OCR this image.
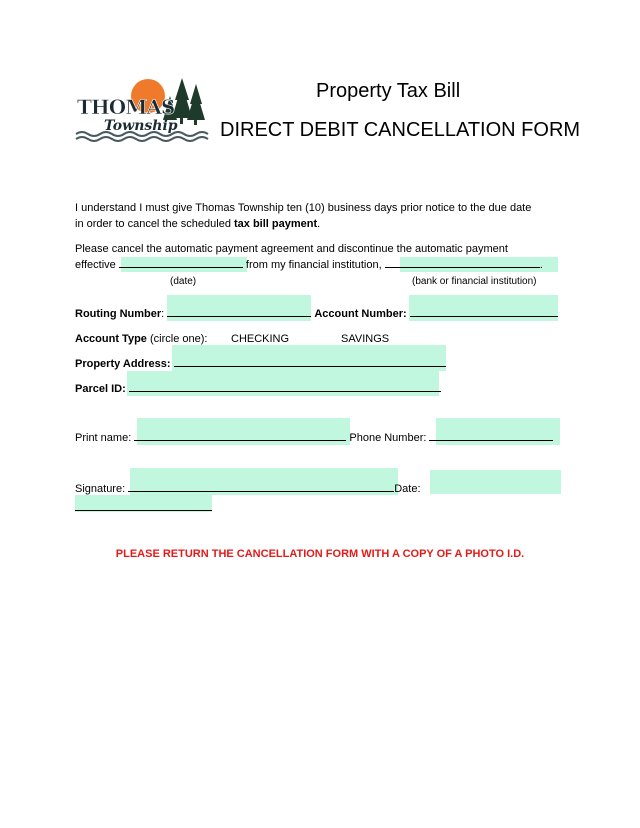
THOMAS
Township
Property Tax Bill
DIRECT DEBIT CANCELLATION FORM
I understand I must give Thomas Township ten (10) business days prior notice to the due date
in order to cancel the scheduled tax bill payment.
Please cancel the automatic payment agreement and discontinue the automatic payment
effective	from my financial institution,	.
(date)	(bank or financial institution)
Routing Number:	Account Number:
Account Type (circle one): CHECKING	SAVINGS
Property Address:
Parcel ID:
Print name:	Phone Number:
Signature:	Date:
PLEASE RETURN THE CANCELLATION FORM WITH A COPY OF A PHOTO I.D.
